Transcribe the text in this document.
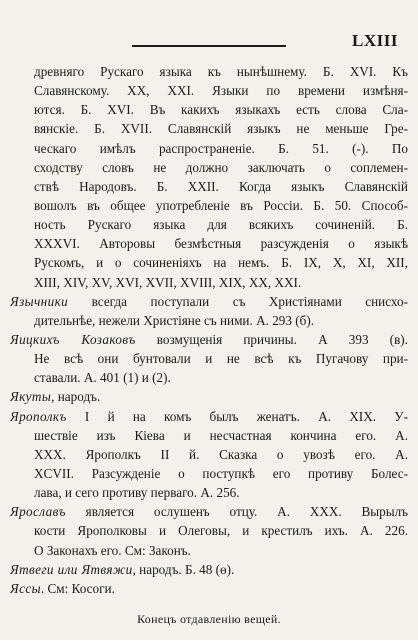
LXIII
древняго Рускаго языка къ нынѣшнему. Б. XVI. Къ
Славянскому. XX, XXI. Языки по времени измѣня-
ются. Б. XVI. Въ какихъ языкахъ есть слова Сла-
вянскіе. Б. XVII. Славянскій языкъ не меньше Гре-
ческаго имѣлъ распространеніе. Б. 51. (-). По
сходству словъ не должно заключать о соплемен-
ствѣ Народовъ. Б. XXII. Когда языкъ Славянскій
вошолъ въ общее употребленіе въ Россіи. Б. 50. Способ-
ность Рускаго языка для всякихъ сочиненій. Б.
XXXVI. Авторовы безмѣстныя разсужденія о языкѣ
Рускомъ, и о сочиненіяхъ на немъ. Б. IX, X, XI, XII,
XIII, XIV, XV, XVI, XVII, XVIII, XIX, XX, XXI.
Язычники всегда поступали съ Христіянами снисхо-
дительнѣе, нежели Христіяне съ ними. А. 293 (б).
Яицкихъ Козаковъ возмущенія причины. А 393 (в).
Не всѣ они бунтовали и не всѣ къ Пугачову при-
ставали. А. 401 (1) и (2).
Якуты, народъ.
Ярополкъ І й на комъ былъ женатъ. А. XIX. У-
шествіе изъ Кіева и несчастная кончина его. А.
XXX. Ярополкъ ІІ й. Сказка о увозѣ его. А.
XCVII. Разсужденіе о поступкѣ его противу Болес-
лава, и сего противу перваго. А. 256.
Ярославъ является ослушенъ отцу. А. XXX. Вырылъ
кости Ярополковы и Олеговы, и крестилъ ихъ. А. 226.
О Законахъ его. См: Законъ.
Ятвеги или Ятвяжи, народъ. Б. 48 (ѳ).
Яссы. См: Косоги.
Конецъ отдавленію вещей.
